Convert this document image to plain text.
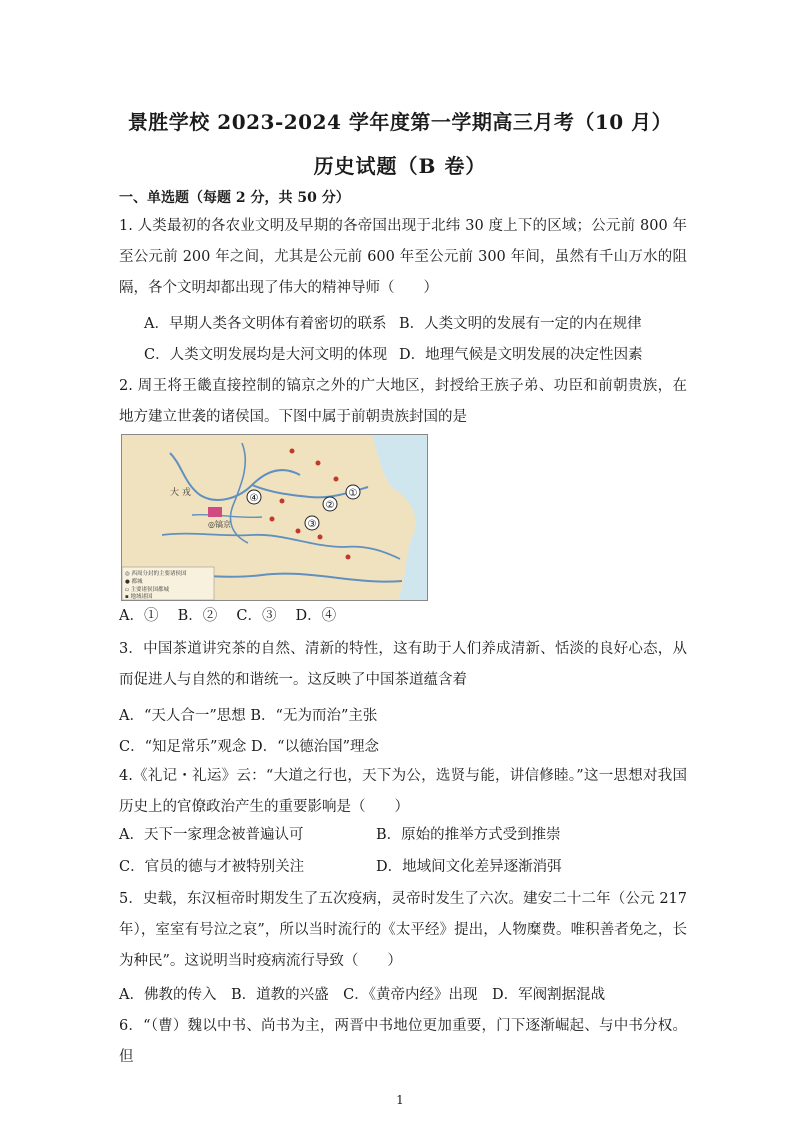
景胜学校 2023-2024 学年度第一学期高三月考（10 月）
历史试题（B 卷）
一、单选题（每题 2 分，共 50 分）

1. 人类最初的各农业文明及早期的各帝国出现于北纬 30 度上下的区域；公元前 800 年至公元前 200 年之间，尤其是公元前 600 年至公元前 300 年间，虽然有千山万水的阻隔，各个文明却都出现了伟大的精神导师（　　）

A．早期人类各文明体有着密切的联系 B．人类文明的发展有一定的内在规律
C．人类文明发展均是大河文明的体现 D．地理气候是文明发展的决定性因素

2. 周王将王畿直接控制的镐京之外的广大地区，封授给王族子弟、功臣和前朝贵族，在地方建立世袭的诸侯国。下图中属于前朝贵族封国的是

大 戎
◎镐京
④	①
②
③
◎ 西周分封的主要诸侯国
● 都城
▫ 主要诸侯国都城
▪ 地域诸国
A．①　 B．②　 C．③　 D．④

3．中国茶道讲究茶的自然、清新的特性，这有助于人们养成清新、恬淡的良好心态，从而促进人与自然的和谐统一。这反映了中国茶道蕴含着

A．“天人合一”思想 B．“无为而治”主张
C．“知足常乐”观念 D．“以德治国”理念

4.《礼记・礼运》云：“大道之行也，天下为公，选贤与能，讲信修睦。”这一思想对我国历史上的官僚政治产生的重要影响是（　　）

A．天下一家理念被普遍认可	B．原始的推举方式受到推崇
C．官员的德与才被特别关注	D．地域间文化差异逐渐消弭

5．史载，东汉桓帝时期发生了五次疫病，灵帝时发生了六次。建安二十二年（公元 217 年），室室有号泣之哀”，所以当时流行的《太平经》提出，人物糜费。唯积善者免之，长为种民”。这说明当时疫病流行导致（　　）

A．佛教的传入　B．道教的兴盛　C．《黄帝内经》出现　D．军阀割据混战

6．“（曹）魏以中书、尚书为主，两晋中书地位更加重要，门下逐渐崛起、与中书分权。但

1
